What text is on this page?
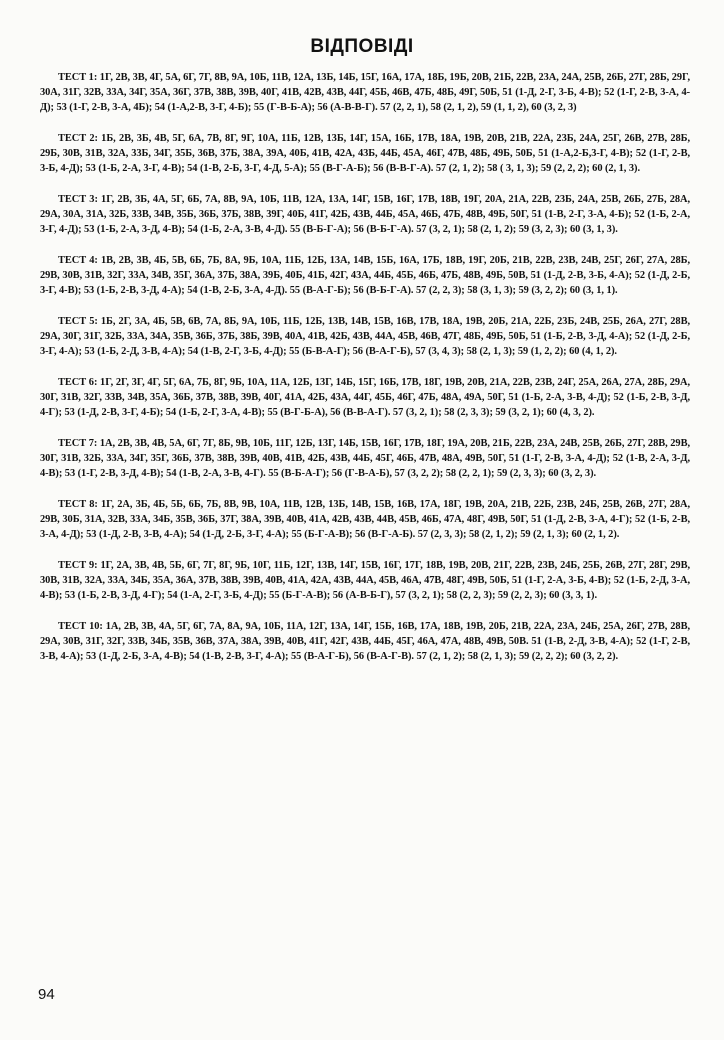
ВІДПОВІДІ

ТЕСТ 1: 1Г, 2В, 3В, 4Г, 5А, 6Г, 7Г, 8В, 9А, 10Б, 11В, 12А, 13Б, 14Б, 15Г, 16А, 17А, 18Б, 19Б, 20В, 21Б, 22В, 23А, 24А, 25В, 26Б, 27Г, 28Б, 29Г, 30А, 31Г, 32В, 33А, 34Г, 35А, 36Г, 37В, 38В, 39В, 40Г, 41В, 42В, 43В, 44Г, 45Б, 46В, 47Б, 48Б, 49Г, 50Б, 51 (1-Д, 2-Г, 3-Б, 4-В); 52 (1-Г, 2-В, 3-А, 4-Д); 53 (1-Г, 2-В, 3-А, 4Б); 54 (1-А,2-В, 3-Г, 4-Б); 55 (Г-В-Б-А); 56 (А-В-В-Г). 57 (2, 2, 1), 58 (2, 1, 2), 59 (1, 1, 2), 60 (3, 2, 3)

ТЕСТ 2: 1Б, 2В, 3Б, 4В, 5Г, 6А, 7В, 8Г, 9Г, 10А, 11Б, 12В, 13Б, 14Г, 15А, 16Б, 17В, 18А, 19В, 20В, 21В, 22А, 23Б, 24А, 25Г, 26В, 27В, 28Б, 29Б, 30В, 31В, 32А, 33Б, 34Г, 35Б, 36В, 37Б, 38А, 39А, 40Б, 41В, 42А, 43Б, 44Б, 45А, 46Г, 47В, 48Б, 49Б, 50Б, 51 (1-А,2-Б,3-Г, 4-В); 52 (1-Г, 2-В, 3-Б, 4-Д); 53 (1-Б, 2-А, 3-Г, 4-В); 54 (1-В, 2-Б, 3-Г, 4-Д, 5-А); 55 (В-Г-А-Б); 56 (В-В-Г-А). 57 (2, 1, 2); 58 ( 3, 1, 3); 59 (2, 2, 2); 60 (2, 1, 3).

ТЕСТ 3: 1Г, 2В, 3Б, 4А, 5Г, 6Б, 7А, 8В, 9А, 10Б, 11В, 12А, 13А, 14Г, 15В, 16Г, 17В, 18В, 19Г, 20А, 21А, 22В, 23Б, 24А, 25В, 26Б, 27Б, 28А, 29А, 30А, 31А, 32Б, 33В, 34В, 35Б, 36Б, 37Б, 38В, 39Г, 40Б, 41Г, 42Б, 43В, 44Б, 45А, 46Б, 47Б, 48В, 49Б, 50Г, 51 (1-В, 2-Г, 3-А, 4-Б); 52 (1-Б, 2-А, 3-Г, 4-Д); 53 (1-Б, 2-А, 3-Д, 4-В); 54 (1-Б, 2-А, 3-В, 4-Д). 55 (В-Б-Г-А); 56 (В-Б-Г-А). 57 (3, 2, 1); 58 (2, 1, 2); 59 (3, 2, 3); 60 (3, 1, 3).

ТЕСТ 4: 1В, 2В, 3В, 4Б, 5В, 6Б, 7Б, 8А, 9Б, 10А, 11Б, 12Б, 13А, 14В, 15Б, 16А, 17Б, 18В, 19Г, 20Б, 21В, 22В, 23В, 24В, 25Г, 26Г, 27А, 28Б, 29В, 30В, 31В, 32Г, 33А, 34В, 35Г, 36А, 37Б, 38А, 39Б, 40Б, 41Б, 42Г, 43А, 44Б, 45Б, 46Б, 47Б, 48В, 49Б, 50В, 51 (1-Д, 2-В, 3-Б, 4-А); 52 (1-Д, 2-Б, 3-Г, 4-В); 53 (1-Б, 2-В, 3-Д, 4-А); 54 (1-В, 2-Б, 3-А, 4-Д). 55 (В-А-Г-Б); 56 (В-Б-Г-А). 57 (2, 2, 3); 58 (3, 1, 3); 59 (3, 2, 2); 60 (3, 1, 1).

ТЕСТ 5: 1Б, 2Г, 3А, 4Б, 5В, 6В, 7А, 8Б, 9А, 10Б, 11Б, 12Б, 13В, 14В, 15В, 16В, 17В, 18А, 19В, 20Б, 21А, 22Б, 23Б, 24В, 25Б, 26А, 27Г, 28В, 29А, 30Г, 31Г, 32Б, 33А, 34А, 35В, 36Б, 37Б, 38Б, 39В, 40А, 41В, 42Б, 43В, 44А, 45В, 46В, 47Г, 48Б, 49Б, 50Б, 51 (1-Б, 2-В, 3-Д, 4-А); 52 (1-Д, 2-Б, 3-Г, 4-А); 53 (1-Б, 2-Д, 3-В, 4-А); 54 (1-В, 2-Г, 3-Б, 4-Д); 55 (Б-В-А-Г); 56 (В-А-Г-Б), 57 (3, 4, 3); 58 (2, 1, 3); 59 (1, 2, 2); 60 (4, 1, 2).

ТЕСТ 6: 1Г, 2Г, 3Г, 4Г, 5Г, 6А, 7Б, 8Г, 9Б, 10А, 11А, 12Б, 13Г, 14Б, 15Г, 16Б, 17В, 18Г, 19В, 20В, 21А, 22В, 23В, 24Г, 25А, 26А, 27А, 28Б, 29А, 30Г, 31В, 32Г, 33В, 34В, 35А, 36Б, 37В, 38В, 39В, 40Г, 41А, 42Б, 43А, 44Г, 45Б, 46Г, 47Б, 48А, 49А, 50Г, 51 (1-Б, 2-А, 3-В, 4-Д); 52 (1-Б, 2-В, 3-Д, 4-Г); 53 (1-Д, 2-В, 3-Г, 4-Б); 54 (1-Б, 2-Г, 3-А, 4-В); 55 (В-Г-Б-А), 56 (В-В-А-Г). 57 (3, 2, 1); 58 (2, 3, 3); 59 (3, 2, 1); 60 (4, 3, 2).

ТЕСТ 7: 1А, 2В, 3В, 4В, 5А, 6Г, 7Г, 8Б, 9В, 10Б, 11Г, 12Б, 13Г, 14Б, 15В, 16Г, 17В, 18Г, 19А, 20В, 21Б, 22В, 23А, 24В, 25В, 26Б, 27Г, 28В, 29В, 30Г, 31В, 32Б, 33А, 34Г, 35Г, 36Б, 37В, 38В, 39В, 40В, 41В, 42Б, 43В, 44Б, 45Г, 46Б, 47В, 48А, 49В, 50Г, 51 (1-Г, 2-В, 3-А, 4-Д); 52 (1-В, 2-А, 3-Д, 4-В); 53 (1-Г, 2-В, 3-Д, 4-В); 54 (1-В, 2-А, 3-В, 4-Г). 55 (В-Б-А-Г); 56 (Г-В-А-Б), 57 (3, 2, 2); 58 (2, 2, 1); 59 (2, 3, 3); 60 (3, 2, 3).

ТЕСТ 8: 1Г, 2А, 3Б, 4Б, 5Б, 6Б, 7Б, 8В, 9В, 10А, 11В, 12В, 13Б, 14В, 15В, 16В, 17А, 18Г, 19В, 20А, 21В, 22Б, 23В, 24Б, 25В, 26В, 27Г, 28А, 29В, 30Б, 31А, 32В, 33А, 34Б, 35В, 36Б, 37Г, 38А, 39В, 40В, 41А, 42В, 43В, 44В, 45В, 46Б, 47А, 48Г, 49В, 50Г, 51 (1-Д, 2-В, 3-А, 4-Г); 52 (1-Б, 2-В, 3-А, 4-Д); 53 (1-Д, 2-В, 3-В, 4-А); 54 (1-Д, 2-Б, 3-Г, 4-А); 55 (Б-Г-А-В); 56 (В-Г-А-Б). 57 (2, 3, 3); 58 (2, 1, 2); 59 (2, 1, 3); 60 (2, 1, 2).

ТЕСТ 9: 1Г, 2А, 3В, 4В, 5Б, 6Г, 7Г, 8Г, 9Б, 10Г, 11Б, 12Г, 13В, 14Г, 15В, 16Г, 17Г, 18В, 19В, 20В, 21Г, 22В, 23В, 24Б, 25Б, 26В, 27Г, 28Г, 29В, 30В, 31В, 32А, 33А, 34Б, 35А, 36А, 37В, 38В, 39В, 40В, 41А, 42А, 43В, 44А, 45В, 46А, 47В, 48Г, 49В, 50Б, 51 (1-Г, 2-А, 3-Б, 4-В); 52 (1-Б, 2-Д, 3-А, 4-В); 53 (1-Б, 2-В, 3-Д, 4-Г); 54 (1-А, 2-Г, 3-Б, 4-Д); 55 (Б-Г-А-В); 56 (А-В-Б-Г), 57 (3, 2, 1); 58 (2, 2, 3); 59 (2, 2, 3); 60 (3, 3, 1).

ТЕСТ 10: 1А, 2В, 3В, 4А, 5Г, 6Г, 7А, 8А, 9А, 10Б, 11А, 12Г, 13А, 14Г, 15Б, 16В, 17А, 18В, 19В, 20Б, 21В, 22А, 23А, 24Б, 25А, 26Г, 27В, 28В, 29А, 30В, 31Г, 32Г, 33В, 34Б, 35В, 36В, 37А, 38А, 39В, 40В, 41Г, 42Г, 43В, 44Б, 45Г, 46А, 47А, 48В, 49В, 50В. 51 (1-В, 2-Д, 3-В, 4-А); 52 (1-Г, 2-В, 3-В, 4-А); 53 (1-Д, 2-Б, 3-А, 4-В); 54 (1-В, 2-В, 3-Г, 4-А); 55 (В-А-Г-Б), 56 (В-А-Г-В). 57 (2, 1, 2); 58 (2, 1, 3); 59 (2, 2, 2); 60 (3, 2, 2).

94
